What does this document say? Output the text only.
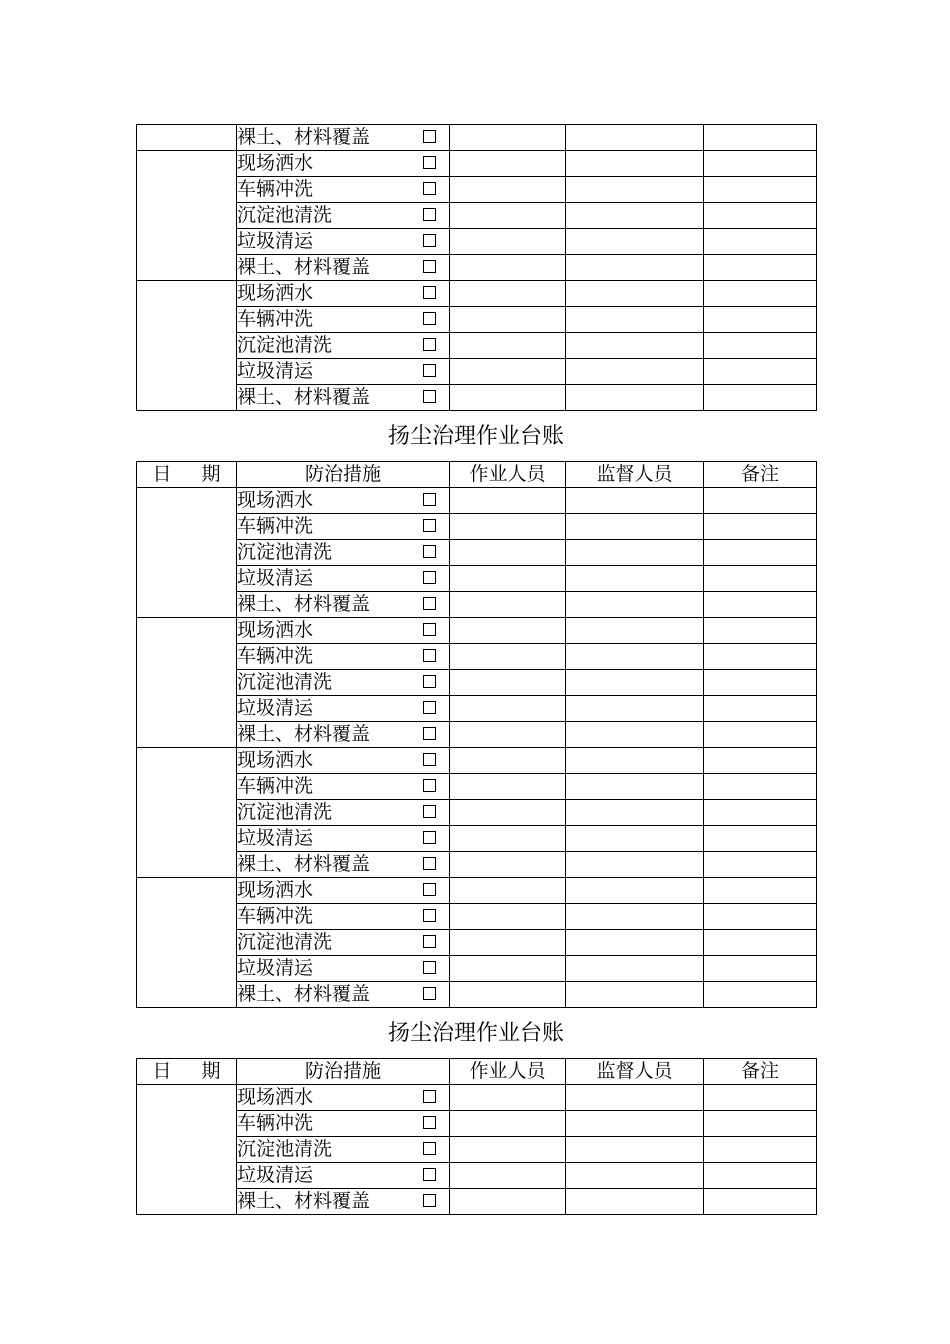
	裸土、材料覆盖

	现场洒水

	车辆冲洗

	沉淀池清洗

	垃圾清运

	裸土、材料覆盖

	现场洒水

	车辆冲洗

	沉淀池清洗

	垃圾清运

	裸土、材料覆盖

扬尘治理作业台账
日 期	防治措施	作业人员	监督人员	备注
	现场洒水

	车辆冲洗

	沉淀池清洗

	垃圾清运

	裸土、材料覆盖

	现场洒水

	车辆冲洗

	沉淀池清洗

	垃圾清运

	裸土、材料覆盖

	现场洒水

	车辆冲洗

	沉淀池清洗

	垃圾清运

	裸土、材料覆盖

	现场洒水

	车辆冲洗

	沉淀池清洗

	垃圾清运

	裸土、材料覆盖

扬尘治理作业台账
日 期	防治措施	作业人员	监督人员	备注
	现场洒水

	车辆冲洗

	沉淀池清洗

	垃圾清运

	裸土、材料覆盖
